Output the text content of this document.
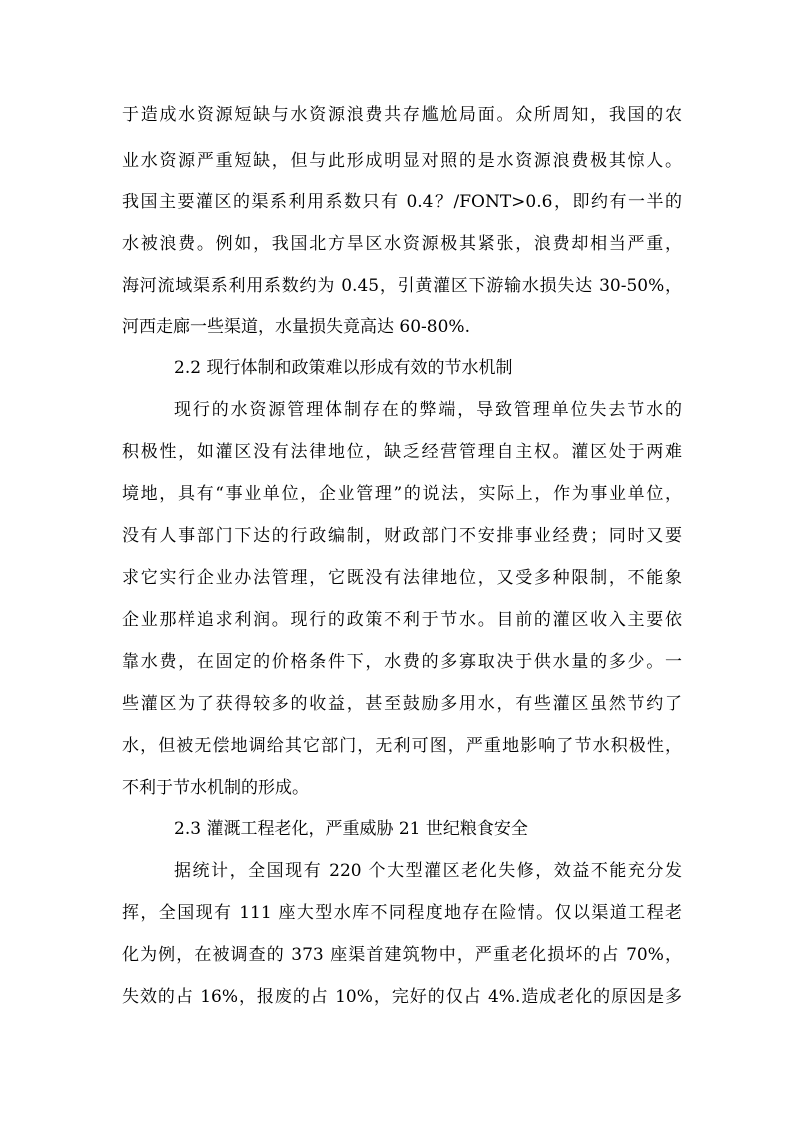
于造成水资源短缺与水资源浪费共存尴尬局面。众所周知，我国的农
业水资源严重短缺，但与此形成明显对照的是水资源浪费极其惊人。
我国主要灌区的渠系利用系数只有 0.4？/FONT>0.6，即约有一半的
水被浪费。例如，我国北方旱区水资源极其紧张，浪费却相当严重，
海河流域渠系利用系数约为 0.45，引黄灌区下游输水损失达 30-50%，
河西走廊一些渠道，水量损失竟高达 60-80%.
2.2 现行体制和政策难以形成有效的节水机制
现行的水资源管理体制存在的弊端，导致管理单位失去节水的
积极性，如灌区没有法律地位，缺乏经营管理自主权。灌区处于两难
境地，具有“事业单位，企业管理”的说法，实际上，作为事业单位，
没有人事部门下达的行政编制，财政部门不安排事业经费；同时又要
求它实行企业办法管理，它既没有法律地位，又受多种限制，不能象
企业那样追求利润。现行的政策不利于节水。目前的灌区收入主要依
靠水费，在固定的价格条件下，水费的多寡取决于供水量的多少。一
些灌区为了获得较多的收益，甚至鼓励多用水，有些灌区虽然节约了
水，但被无偿地调给其它部门，无利可图，严重地影响了节水积极性，
不利于节水机制的形成。
2.3 灌溉工程老化，严重威胁 21 世纪粮食安全
据统计，全国现有 220 个大型灌区老化失修，效益不能充分发
挥，全国现有 111 座大型水库不同程度地存在险情。仅以渠道工程老
化为例，在被调查的 373 座渠首建筑物中，严重老化损坏的占 70%，
失效的占 16%，报废的占 10%，完好的仅占 4%.造成老化的原因是多
